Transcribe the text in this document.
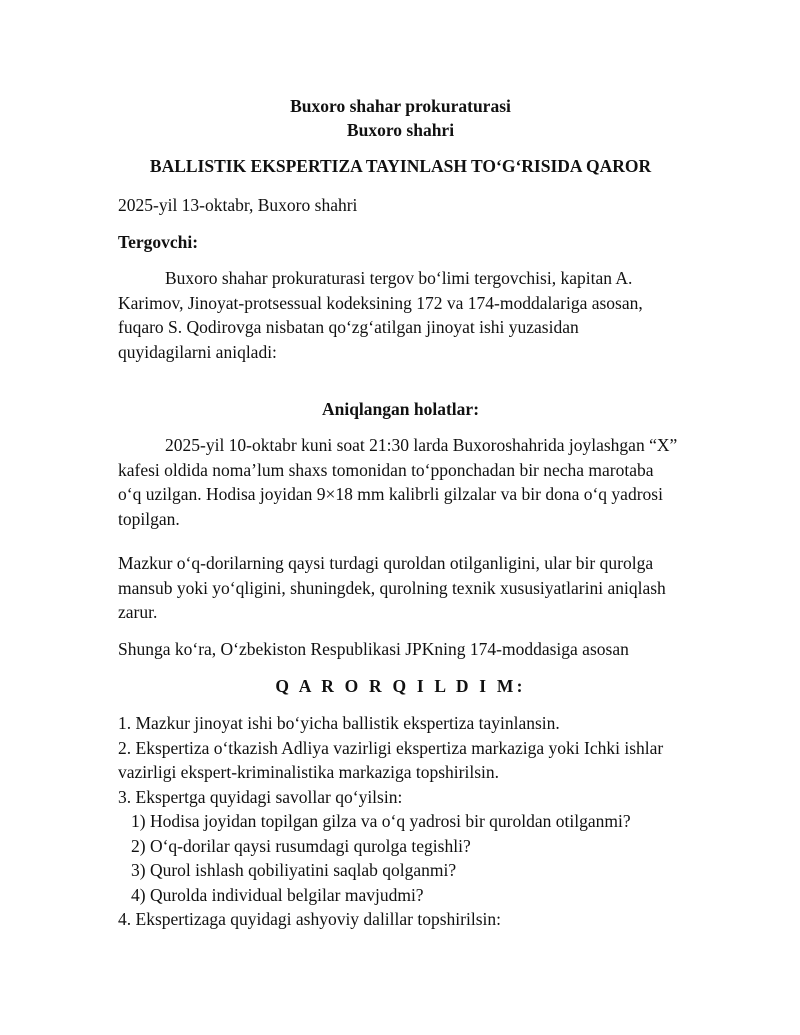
Buxoro shahar prokuraturasi

Buxoro shahri

BALLISTIK EKSPERTIZA TAYINLASH TO‘G‘RISIDA QAROR

2025-yil 13-oktabr, Buxoro shahri

Tergovchi:

Buxoro shahar prokuraturasi tergov bo‘limi tergovchisi, kapitan A. Karimov, Jinoyat-protsessual kodeksining 172 va 174-moddalariga asosan, fuqaro S. Qodirovga nisbatan qo‘zg‘atilgan jinoyat ishi yuzasidan quyidagilarni aniqladi:

Aniqlangan holatlar:

2025-yil 10-oktabr kuni soat 21:30 larda Buxoroshahrida joylashgan “X” kafesi oldida noma’lum shaxs tomonidan to‘pponchadan bir necha marotaba o‘q uzilgan. Hodisa joyidan 9×18 mm kalibrli gilzalar va bir dona o‘q yadrosi topilgan.

Mazkur o‘q-dorilarning qaysi turdagi quroldan otilganligini, ular bir qurolga mansub yoki yo‘qligini, shuningdek, qurolning texnik xususiyatlarini aniqlash zarur.

Shunga ko‘ra, O‘zbekiston Respublikasi JPKning 174-moddasiga asosan

Q A R O R Q I L D I M:

1. Mazkur jinoyat ishi bo‘yicha ballistik ekspertiza tayinlansin.

2. Ekspertiza o‘tkazish Adliya vazirligi ekspertiza markaziga yoki Ichki ishlar vazirligi ekspert-kriminalistika markaziga topshirilsin.

3. Ekspertga quyidagi savollar qo‘yilsin:

1) Hodisa joyidan topilgan gilza va o‘q yadrosi bir quroldan otilganmi?

2) O‘q-dorilar qaysi rusumdagi qurolga tegishli?

3) Qurol ishlash qobiliyatini saqlab qolganmi?

4) Qurolda individual belgilar mavjudmi?

4. Ekspertizaga quyidagi ashyoviy dalillar topshirilsin:
